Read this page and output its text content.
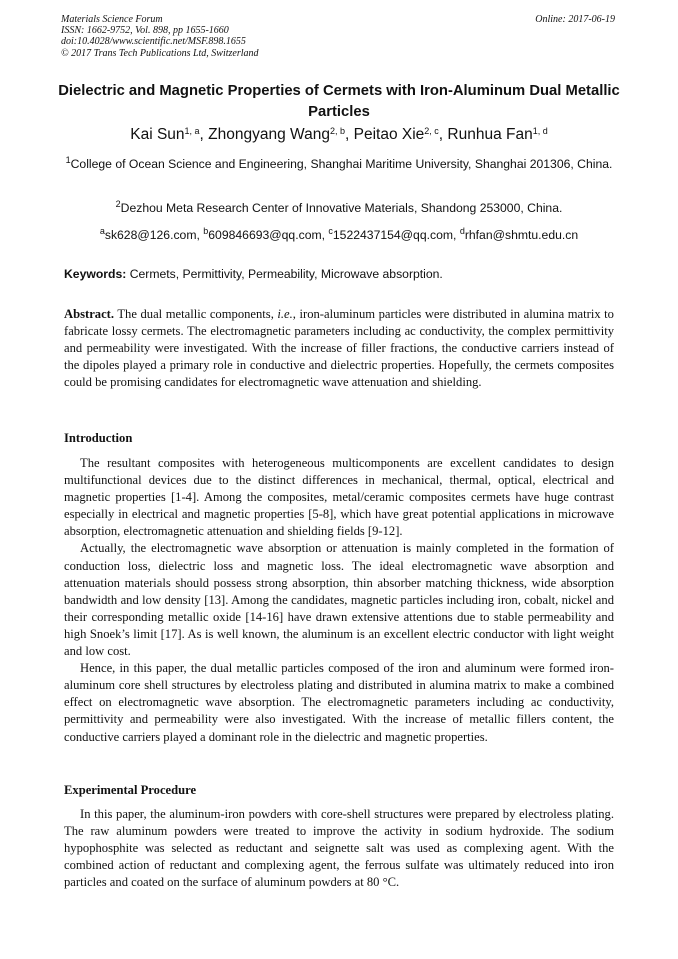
Materials Science Forum
ISSN: 1662-9752, Vol. 898, pp 1655-1660
doi:10.4028/www.scientific.net/MSF.898.1655
© 2017 Trans Tech Publications Ltd, Switzerland
Online: 2017-06-19
Dielectric and Magnetic Properties of Cermets with Iron-Aluminum Dual Metallic Particles
Kai Sun$^{1, a}$, Zhongyang Wang$^{2, b}$, Peitao Xie$^{2, c}$, Runhua Fan$^{1, d}$
$^1$College of Ocean Science and Engineering, Shanghai Maritime University, Shanghai 201306, China.
$^2$Dezhou Meta Research Center of Innovative Materials, Shandong 253000, China.
$^a$sk628@126.com, $^b$609846693@qq.com, $^c$1522437154@qq.com, $^d$rhfan@shmtu.edu.cn
Keywords: Cermets, Permittivity, Permeability, Microwave absorption.

Abstract. The dual metallic components, i.e., iron-aluminum particles were distributed in alumina matrix to fabricate lossy cermets. The electromagnetic parameters including ac conductivity, the complex permittivity and permeability were investigated. With the increase of filler fractions, the conductive carriers instead of the dipoles played a primary role in conductive and dielectric properties. Hopefully, the cermets composites could be promising candidates for electromagnetic wave attenuation and shielding.

Introduction

The resultant composites with heterogeneous multicomponents are excellent candidates to design multifunctional devices due to the distinct differences in mechanical, thermal, optical, electrical and magnetic properties [1-4]. Among the composites, metal/ceramic composites cermets have huge contrast especially in electrical and magnetic properties [5-8], which have great potential applications in microwave absorption, electromagnetic attenuation and shielding fields [9-12].

Actually, the electromagnetic wave absorption or attenuation is mainly completed in the formation of conduction loss, dielectric loss and magnetic loss. The ideal electromagnetic wave absorption and attenuation materials should possess strong absorption, thin absorber matching thickness, wide absorption bandwidth and low density [13]. Among the candidates, magnetic particles including iron, cobalt, nickel and their corresponding metallic oxide [14-16] have drawn extensive attentions due to stable permeability and high Snoek’s limit [17]. As is well known, the aluminum is an excellent electric conductor with light weight and low cost.

Hence, in this paper, the dual metallic particles composed of the iron and aluminum were formed iron-aluminum core shell structures by electroless plating and distributed in alumina matrix to make a combined effect on electromagnetic wave absorption. The electromagnetic parameters including ac conductivity, permittivity and permeability were also investigated. With the increase of metallic fillers content, the conductive carriers played a dominant role in the dielectric and magnetic properties.

Experimental Procedure

In this paper, the aluminum-iron powders with core-shell structures were prepared by electroless plating. The raw aluminum powders were treated to improve the activity in sodium hydroxide. The sodium hypophosphite was selected as reductant and seignette salt was used as complexing agent. With the combined action of reductant and complexing agent, the ferrous sulfate was ultimately reduced into iron particles and coated on the surface of aluminum powders at 80 °C.
